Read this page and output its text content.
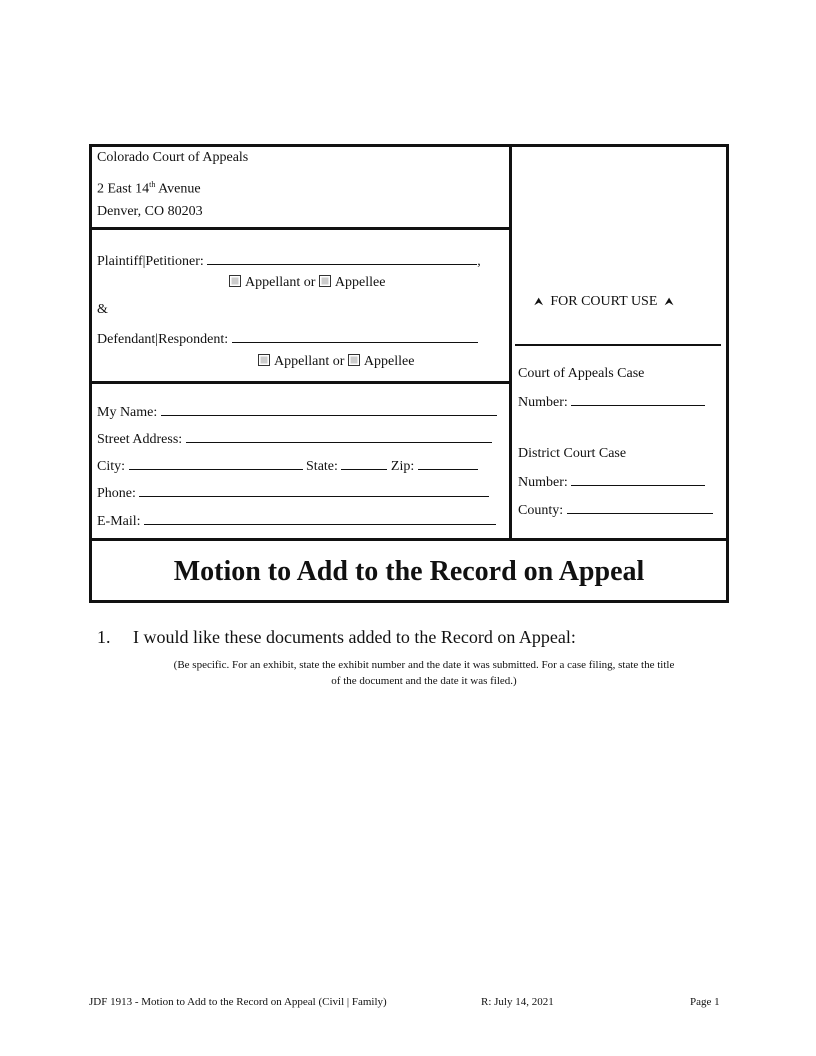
Colorado Court of Appeals
2 East 14th Avenue
Denver, CO 80203
Plaintiff|Petitioner:	,
Appellant or Appellee
&
Defendant|Respondent:
Appellant or Appellee
My Name:
Street Address:
City:	State:	Zip:
Phone:
E-Mail:
⮝ FOR COURT USE ⮝
Court of Appeals Case
Number:
District Court Case
Number:
County:
Motion to Add to the Record on Appeal
1. I would like these documents added to the Record on Appeal:
(Be specific. For an exhibit, state the exhibit number and the date it was submitted. For a case filing, state the title
of the document and the date it was filed.)
JDF 1913 - Motion to Add to the Record on Appeal (Civil | Family)	R: July 14, 2021	Page 1
